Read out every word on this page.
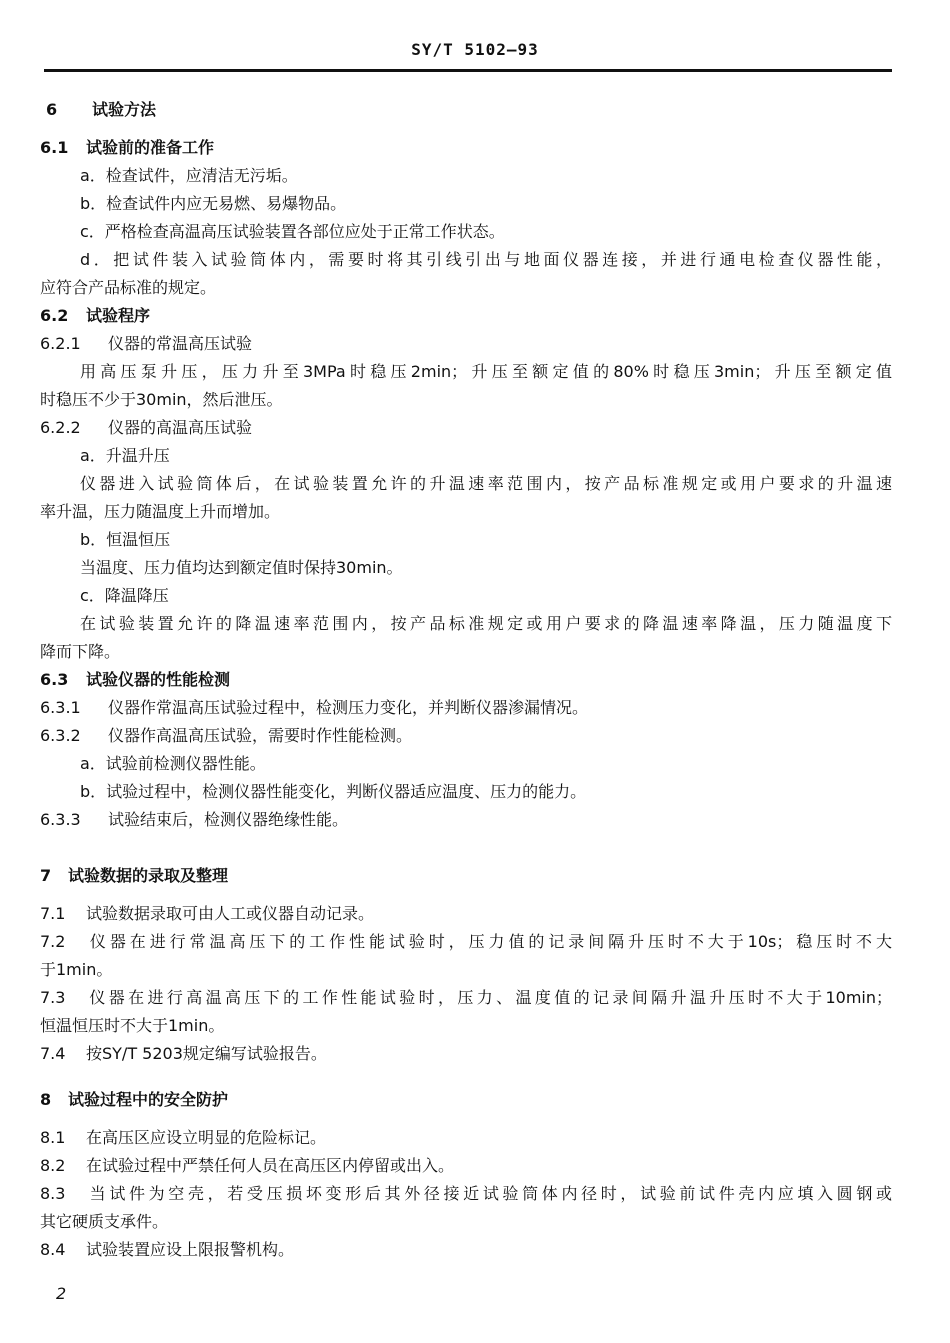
SY/T 5102—93
6 试验方法
6.1 试验前的准备工作
a．检查试件，应清洁无污垢。
b．检查试件内应无易燃、易爆物品。
c．严格检查高温高压试验装置各部位应处于正常工作状态。
d．把试件装入试验筒体内，需要时将其引线引出与地面仪器连接，并进行通电检查仪器性能，
应符合产品标准的规定。
6.2 试验程序
6.2.1 仪器的常温高压试验
用高压泵升压，压力升至3MPa时稳压2min；升压至额定值的80%时稳压3min；升压至额定值
时稳压不少于30min，然后泄压。
6.2.2 仪器的高温高压试验
a．升温升压
仪器进入试验筒体后，在试验装置允许的升温速率范围内，按产品标准规定或用户要求的升温速
率升温，压力随温度上升而增加。
b．恒温恒压
当温度、压力值均达到额定值时保持30min。
c．降温降压
在试验装置允许的降温速率范围内，按产品标准规定或用户要求的降温速率降温，压力随温度下
降而下降。
6.3 试验仪器的性能检测
6.3.1 仪器作常温高压试验过程中，检测压力变化，并判断仪器渗漏情况。
6.3.2 仪器作高温高压试验，需要时作性能检测。
a．试验前检测仪器性能。
b．试验过程中，检测仪器性能变化，判断仪器适应温度、压力的能力。
6.3.3 试验结束后，检测仪器绝缘性能。
7 试验数据的录取及整理
7.1 试验数据录取可由人工或仪器自动记录。
7.2 仪器在进行常温高压下的工作性能试验时，压力值的记录间隔升压时不大于10s；稳压时不大
于1min。
7.3 仪器在进行高温高压下的工作性能试验时，压力、温度值的记录间隔升温升压时不大于10min；
恒温恒压时不大于1min。
7.4 按SY/T 5203规定编写试验报告。
8 试验过程中的安全防护
8.1 在高压区应设立明显的危险标记。
8.2 在试验过程中严禁任何人员在高压区内停留或出入。
8.3 当试件为空壳，若受压损坏变形后其外径接近试验筒体内径时，试验前试件壳内应填入圆钢或
其它硬质支承件。
8.4 试验装置应设上限报警机构。
2
